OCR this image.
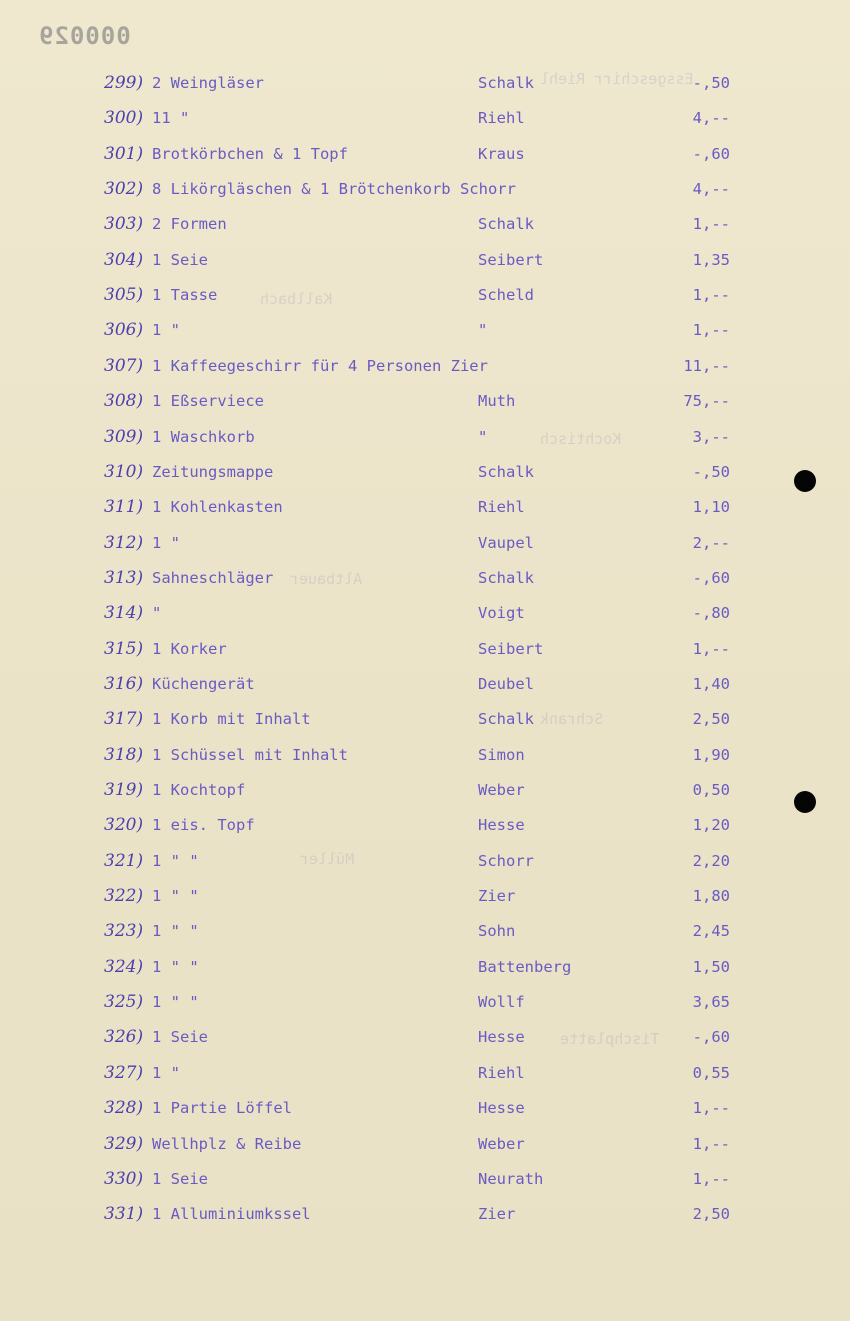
000029
Essgeschirr Riehl
Kallbach
Kochtisch
Altbauer
Schrank
Müller
Tischplatte
299) 2 Weingläser	Schalk	-,50
300) 11 "	Riehl	4,--
301) Brotkörbchen & 1 Topf	Kraus	-,60
302) 8 Likörgläschen & 1 Brötchenkorb Schorr	4,--
303) 2 Formen	Schalk	1,--
304) 1 Seie	Seibert	1,35
305) 1 Tasse	Scheld	1,--
306) 1 "	"	1,--
307) 1 Kaffeegeschirr für 4 Personen Zier	11,--
308) 1 Eßserviece	Muth	75,--
309) 1 Waschkorb	"	3,--
310) Zeitungsmappe	Schalk	-,50
311) 1 Kohlenkasten	Riehl	1,10
312) 1 "	Vaupel	2,--
313) Sahneschläger	Schalk	-,60
314) "	Voigt	-,80
315) 1 Korker	Seibert	1,--
316) Küchengerät	Deubel	1,40
317) 1 Korb mit Inhalt	Schalk	2,50
318) 1 Schüssel mit Inhalt	Simon	1,90
319) 1 Kochtopf	Weber	0,50
320) 1 eis. Topf	Hesse	1,20
321) 1 " "	Schorr	2,20
322) 1 " "	Zier	1,80
323) 1 " "	Sohn	2,45
324) 1 " "	Battenberg	1,50
325) 1 " "	Wollf	3,65
326) 1 Seie	Hesse	-,60
327) 1 "	Riehl	0,55
328) 1 Partie Löffel	Hesse	1,--
329) Wellhplz & Reibe	Weber	1,--
330) 1 Seie	Neurath	1,--
331) 1 Alluminiumkssel	Zier	2,50
